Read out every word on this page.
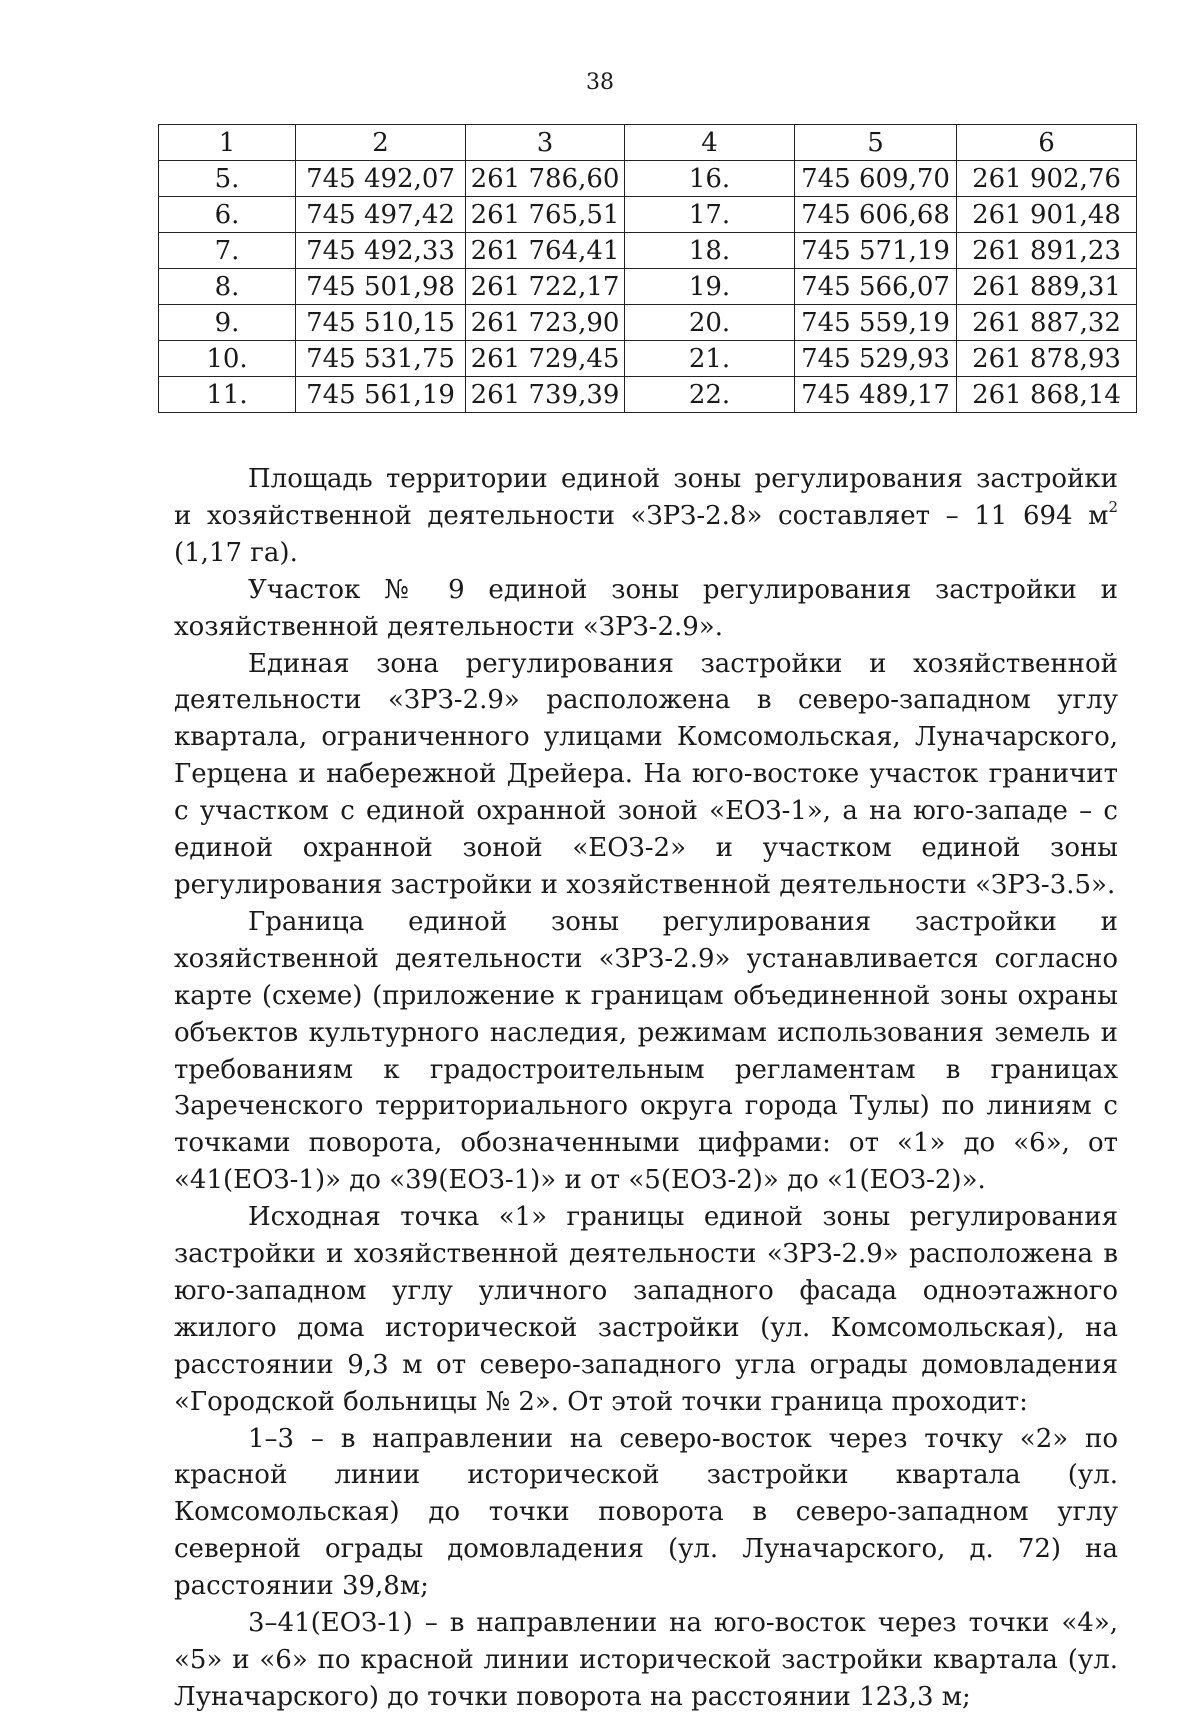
38
1	2	3	4	5	6
5.	745 492,07	261 786,60	16.	745 609,70	261 902,76
6.	745 497,42	261 765,51	17.	745 606,68	261 901,48
7.	745 492,33	261 764,41	18.	745 571,19	261 891,23
8.	745 501,98	261 722,17	19.	745 566,07	261 889,31
9.	745 510,15	261 723,90	20.	745 559,19	261 887,32
10.	745 531,75	261 729,45	21.	745 529,93	261 878,93
11.	745 561,19	261 739,39	22.	745 489,17	261 868,14

Площадь территории единой зоны регулирования застройки и хозяйственной деятельности «ЗРЗ-2.8» составляет – 11 694 $м^2$ (1,17 га).

Участок № 9 единой зоны регулирования застройки и хозяйственной деятельности «ЗРЗ-2.9».

Единая зона регулирования застройки и хозяйственной деятельности «ЗРЗ-2.9» расположена в северо-западном углу квартала, ограниченного улицами Комсомольская, Луначарского, Герцена и набережной Дрейера. На юго-востоке участок граничит с участком с единой охранной зоной «ЕОЗ-1», а на юго-западе – с единой охранной зоной «ЕОЗ-2» и участком единой зоны регулирования застройки и хозяйственной деятельности «ЗРЗ-3.5».

Граница единой зоны регулирования застройки и хозяйственной деятельности «ЗРЗ-2.9» устанавливается согласно карте (схеме) (приложение к границам объединенной зоны охраны объектов культурного наследия, режимам использования земель и требованиям к градостроительным регламентам в границах Зареченского территориального округа города Тулы) по линиям с точками поворота, обозначенными цифрами: от «1» до «6», от «41(ЕОЗ-1)» до «39(ЕОЗ-1)» и от «5(ЕОЗ-2)» до «1(ЕОЗ-2)».

Исходная точка «1» границы единой зоны регулирования застройки и хозяйственной деятельности «ЗРЗ-2.9» расположена в юго-западном углу уличного западного фасада одноэтажного жилого дома исторической застройки (ул. Комсомольская), на расстоянии 9,3 м от северо-западного угла ограды домовладения «Городской больницы № 2». От этой точки граница проходит:

1–3 – в направлении на северо-восток через точку «2» по красной линии исторической застройки квартала (ул. Комсомольская) до точки поворота в северо-западном углу северной ограды домовладения (ул. Луначарского, д. 72) на расстоянии 39,8м;

3–41(ЕОЗ-1) – в направлении на юго-восток через точки «4», «5» и «6» по красной линии исторической застройки квартала (ул. Луначарского) до точки поворота на расстоянии 123,3 м;
